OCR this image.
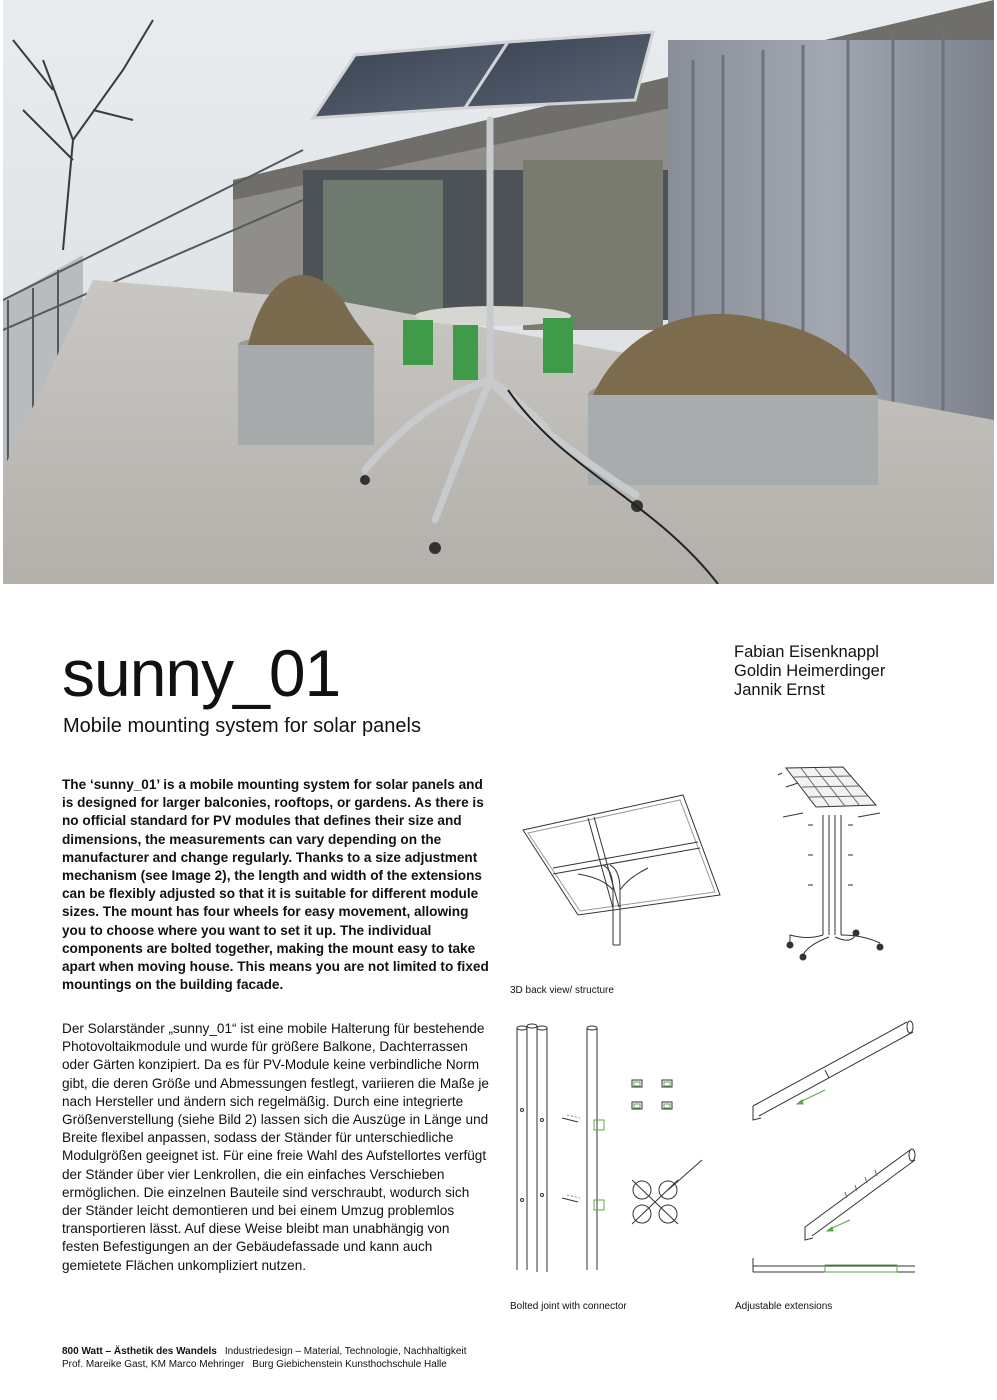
sunny_01
Mobile mounting system for solar panels
Fabian Eisenknappl
Goldin Heimerdinger
Jannik Ernst

The ‘sunny_01’ is a mobile mounting system for solar panels and is designed for larger balconies, rooftops, or gardens. As there is no official standard for PV modules that defines their size and dimensions, the measurements can vary depending on the manufacturer and change regularly. Thanks to a size adjustment mechanism (see Image 2), the length and width of the extensions can be flexibly adjusted so that it is suitable for different module sizes. The mount has four wheels for easy movement, allowing you to choose where you want to set it up. The individual components are bolted together, making the mount easy to take apart when moving house. This means you are not limited to fixed mountings on the building facade.

Der Solarständer „sunny_01“ ist eine mobile Halterung für bestehende Photovoltaikmodule und wurde für größere Balkone, Dachterrassen oder Gärten konzipiert. Da es für PV-Module keine verbindliche Norm gibt, die deren Größe und Abmessungen festlegt, variieren die Maße je nach Hersteller und ändern sich regelmäßig. Durch eine integrierte Größenverstellung (siehe Bild 2) lassen sich die Auszüge in Länge und Breite flexibel anpassen, sodass der Ständer für unterschiedliche Modulgrößen geeignet ist. Für eine freie Wahl des Aufstellortes verfügt der Ständer über vier Lenkrollen, die ein einfaches Verschieben ermöglichen. Die einzelnen Bauteile sind verschraubt, wodurch sich der Ständer leicht demontieren und bei einem Umzug problemlos transportieren lässt. Auf diese Weise bleibt man unabhängig von festen Befestigungen an der Gebäudefassade und kann auch gemietete Flächen unkompliziert nutzen.

3D back view/ structure
Bolted joint with connector	Adjustable extensions
800 Watt – Ästhetik des Wandels Industriedesign – Material, Technologie, Nachhaltigkeit
Prof. Mareike Gast, KM Marco Mehringer Burg Giebichenstein Kunsthochschule Halle
